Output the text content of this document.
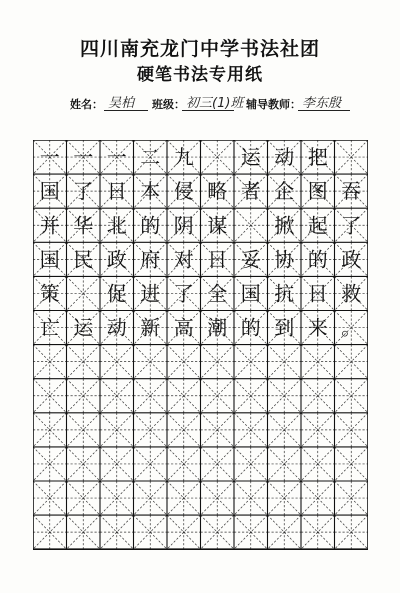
四川南充龙门中学书法社团
硬笔书法专用纸
姓名： 吴柏 班级： 初三(1)班 辅导教师： 李东殷
一 一 一 二 九 运 动 把
国 了 日 本 侵 略 者 企 图 吞
并 华 北 的 阴 谋 掀 起 了
国 民 政 府 对 日 妥 协 的 政
策 促 进 了 全 国 抗 日 救
亡 运 动 新 高 潮 的 到 来 。
